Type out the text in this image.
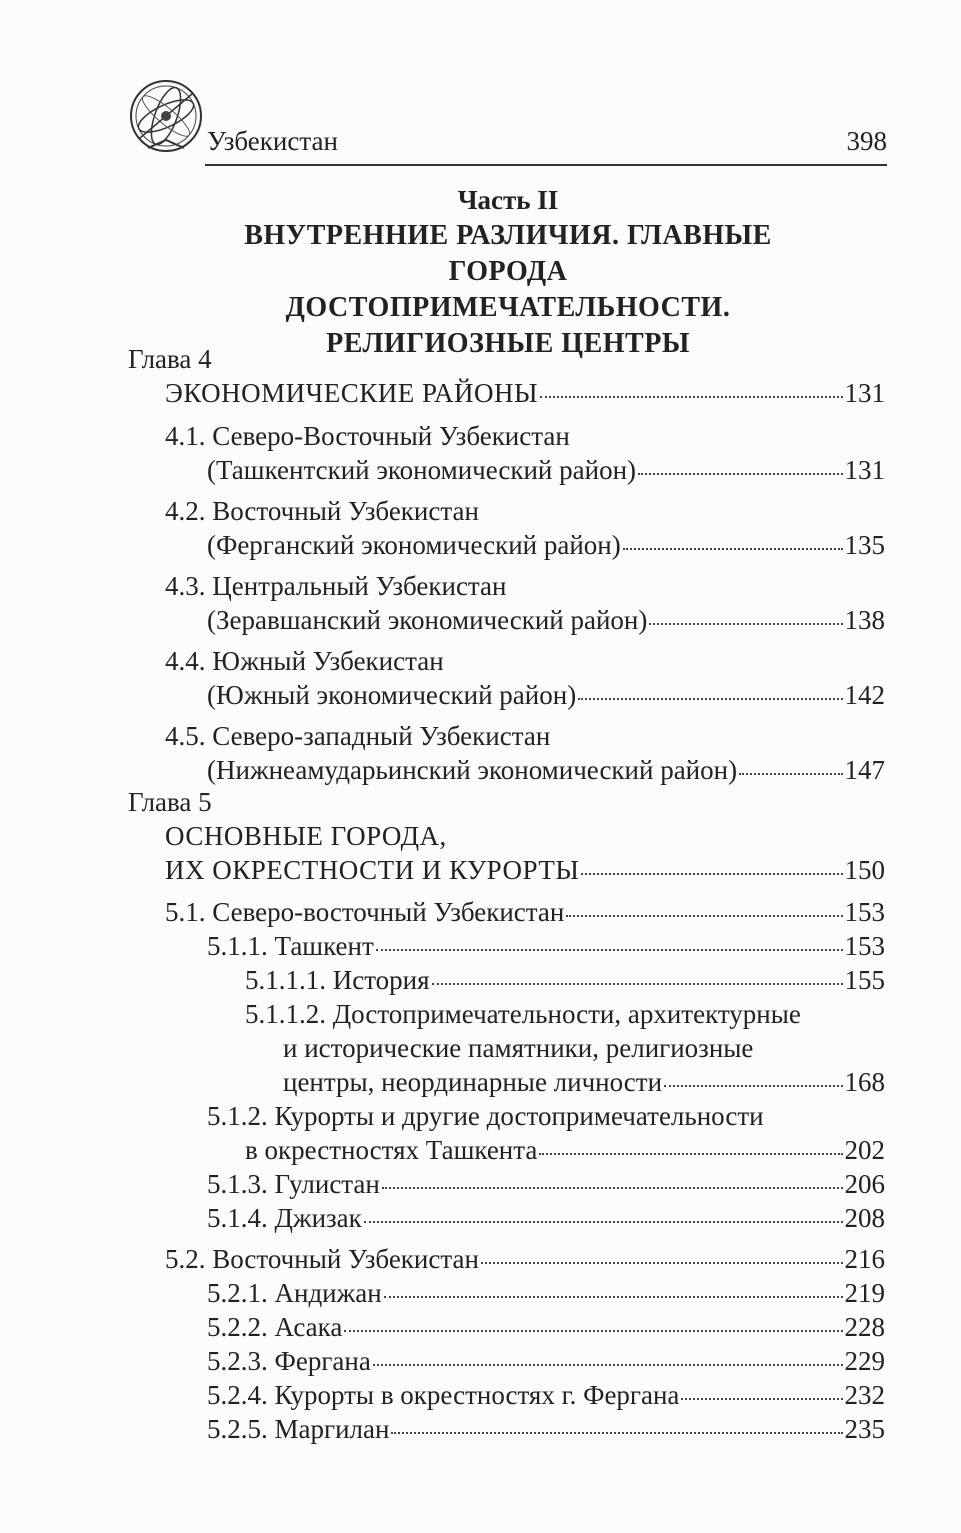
Узбекистан	398
Часть II
ВНУТРЕННИЕ РАЗЛИЧИЯ. ГЛАВНЫЕ ГОРОДА
ДОСТОПРИМЕЧАТЕЛЬНОСТИ.
РЕЛИГИОЗНЫЕ ЦЕНТРЫ
Глава 4
ЭКОНОМИЧЕСКИЕ РАЙОНЫ	131
4.1. Северо-Восточный Узбекистан
(Ташкентский экономический район)	131
4.2. Восточный Узбекистан
(Ферганский экономический район)	135
4.3. Центральный Узбекистан
(Зеравшанский экономический район)	138
4.4. Южный Узбекистан
(Южный экономический район)	142
4.5. Северо-западный Узбекистан
(Нижнеамударьинский экономический район)	147
Глава 5
ОСНОВНЫЕ ГОРОДА,
ИХ ОКРЕСТНОСТИ И КУРОРТЫ	150
5.1. Северо-восточный Узбекистан	153
5.1.1. Ташкент	153
5.1.1.1. История	155
5.1.1.2. Достопримечательности, архитектурные
и исторические памятники, религиозные
центры, неординарные личности	168
5.1.2. Курорты и другие достопримечательности
в окрестностях Ташкента	202
5.1.3. Гулистан	206
5.1.4. Джизак	208
5.2. Восточный Узбекистан	216
5.2.1. Андижан	219
5.2.2. Асака	228
5.2.3. Фергана	229
5.2.4. Курорты в окрестностях г. Фергана	232
5.2.5. Маргилан	235
